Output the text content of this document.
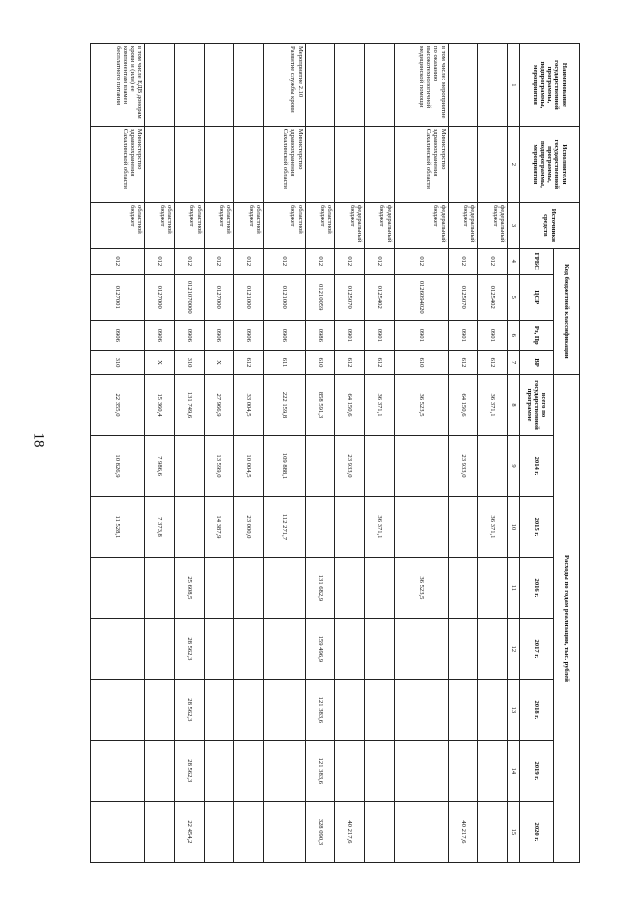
18
Наименование государственной программы, подпрограммы, мероприятия	Исполнители государственной программы, подпрограммы, мероприятия	Источники средств	Код бюджетной классификации				Расходы по годам реализации, тыс. рублей							
			ГРБС	ЦСР	Рз, Пр	ВР	всего по государственной программе	2014 г.	2015 г.	2016 г.	2017 г.	2018 г.	2019 г.	2020 г.
1	2	3	4	5	6	7	8	9	10	11	12	13	14	15
		федеральный бюджет	012	0125402	0901	612	36 371,1		36 371,1					
		федеральный бюджет	012	0125070	0901	612	64 150,6	23 933,0						40 217,6
в том числе: мероприятие по оказанию высокотехнологичной медицинской помощи	Министерство здравоохранения Сахалинской области	федеральный бюджет	012	0126094020	0901	610	36 523,5			36 523,5				
		федеральный бюджет	012	0125402	0901	612	36 371,1		36 371,1					
		федеральный бюджет	012	0125070	0901	612	64 150,6	23 933,0						40 217,6
		областной бюджет	012	01210059	0986	610	858 591,3			131 682,9	159 496,9	121 383,6	121 383,6	328 090,3
Мероприятие 2.10 Развитие службы крови	Министерство здравоохранения Сахалинской области	областной бюджет	012	0121000	0906	611	222 159,8	109 888,1	112 271,7					
		областной бюджет	012	0121000	0906	612	33 004,5	10 004,5	23 000,0					
		областной бюджет	012	0127000	0906	X	27 966,9	13 599,0	14 387,9					
		областной бюджет	012	0121070000	0906	310	131 749,6			25 608,5	28 562,3	28 562,3	28 562,3	22 454,2
		областной бюджет	012	0127000	0906	X	15 360,4	7 986,6	7 373,8					
в том числе ЕДВ донорам крови и (или) ее компонентам взамен бесплатного питания	Министерство здравоохранения Сахалинской области	областной бюджет	012	0127001	0906	310	22 355,0	10 826,9	11 528,1					
